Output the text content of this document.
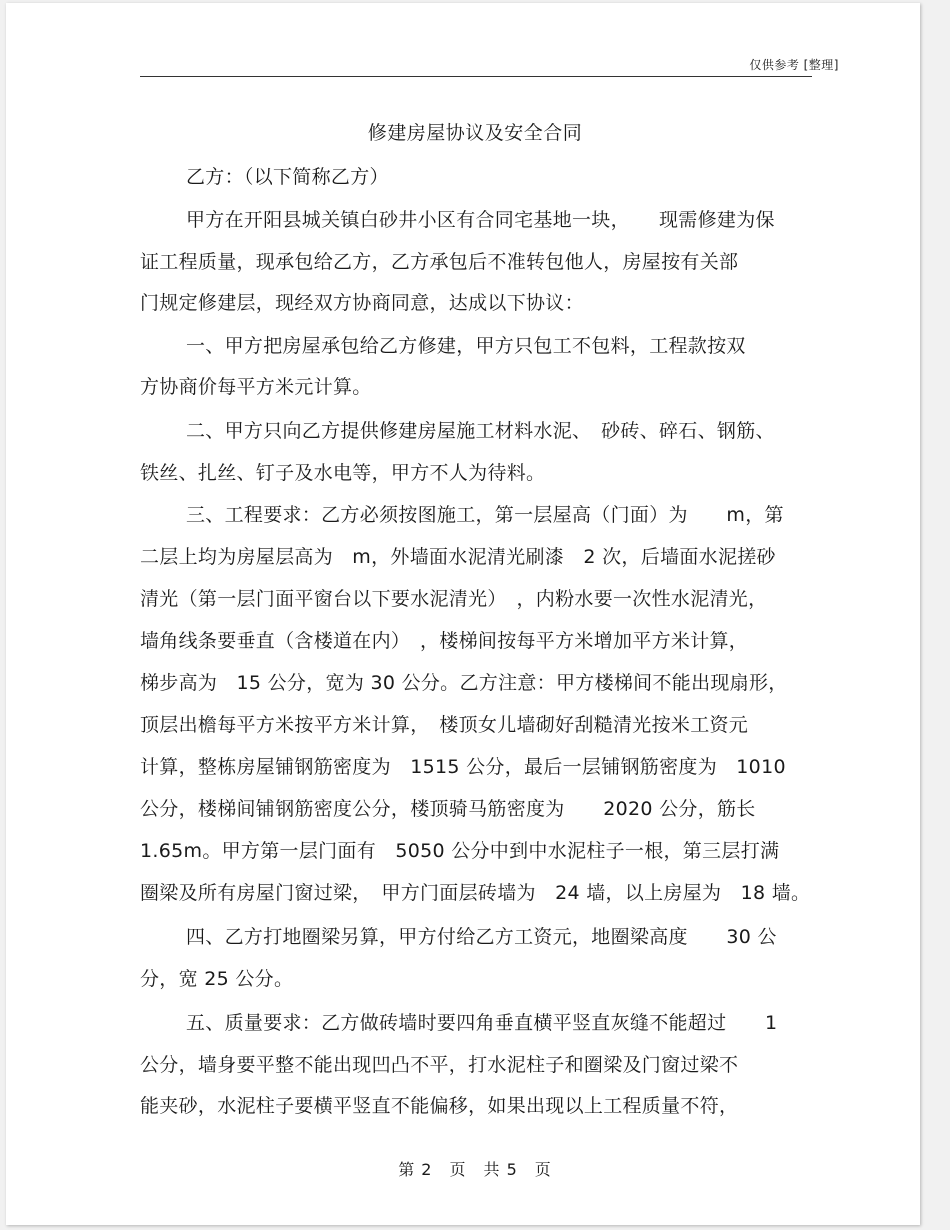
仅供参考 [整理]
修建房屋协议及安全合同
乙方：（以下简称乙方）
甲方在开阳县城关镇白砂井小区有合同宅基地一块，　　现需修建为保
证工程质量，现承包给乙方，乙方承包后不准转包他人，房屋按有关部
门规定修建层，现经双方协商同意，达成以下协议：
一、甲方把房屋承包给乙方修建，甲方只包工不包料，工程款按双
方协商价每平方米元计算。
二、甲方只向乙方提供修建房屋施工材料水泥、　砂砖、碎石、钢筋、
铁丝、扎丝、钉子及水电等，甲方不人为待料。
三、工程要求：乙方必须按图施工，第一层屋高（门面）为　　m，第
二层上均为房屋层高为　m，外墙面水泥清光刷漆　2 次，后墙面水泥搓砂
清光（第一层门面平窗台以下要水泥清光）　，内粉水要一次性水泥清光，
墙角线条要垂直（含楼道在内）　，楼梯间按每平方米增加平方米计算，
梯步高为　15 公分，宽为 30 公分。乙方注意：甲方楼梯间不能出现扇形，
顶层出檐每平方米按平方米计算，　楼顶女儿墙砌好刮糙清光按米工资元
计算，整栋房屋铺钢筋密度为　1515 公分，最后一层铺钢筋密度为　1010
公分，楼梯间铺钢筋密度公分，楼顶骑马筋密度为　　2020 公分，筋长
1.65m。甲方第一层门面有　5050 公分中到中水泥柱子一根，第三层打满
圈梁及所有房屋门窗过梁，　甲方门面层砖墙为　24 墙，以上房屋为　18 墙。
四、乙方打地圈梁另算，甲方付给乙方工资元，地圈梁高度　　30 公
分，宽 25 公分。
五、质量要求：乙方做砖墙时要四角垂直横平竖直灰缝不能超过　　1
公分，墙身要平整不能出现凹凸不平，打水泥柱子和圈梁及门窗过梁不
能夹砂，水泥柱子要横平竖直不能偏移，如果出现以上工程质量不符，
第 2　页　共 5　页
